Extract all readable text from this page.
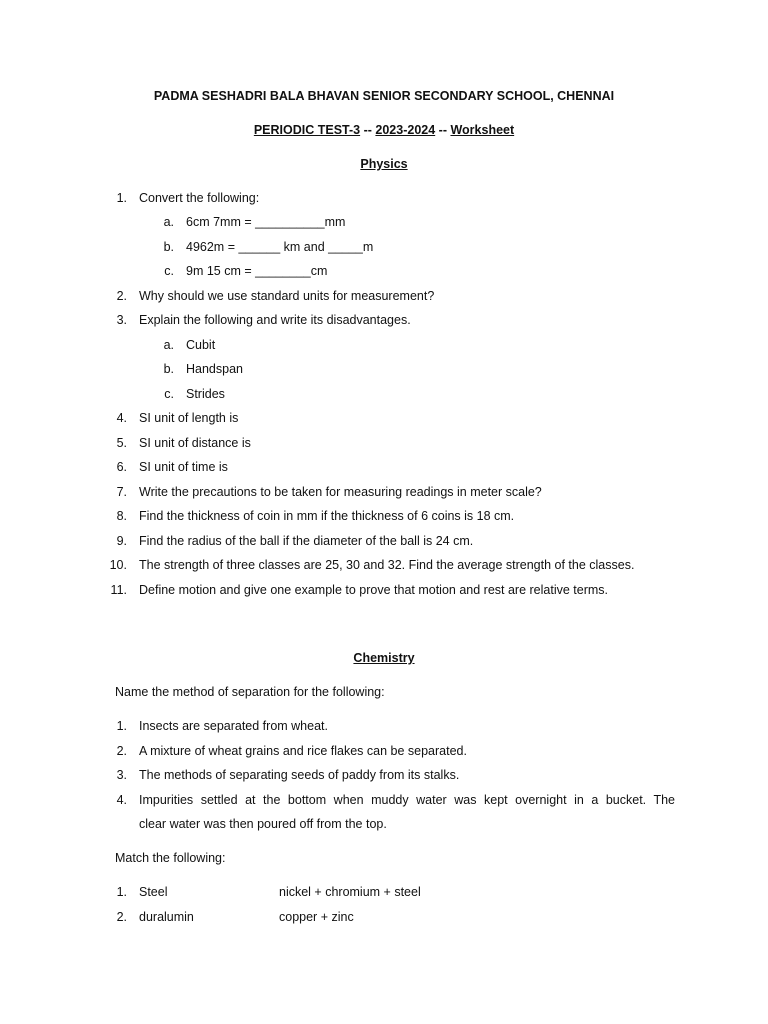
PADMA SESHADRI BALA BHAVAN SENIOR SECONDARY SCHOOL, CHENNAI
PERIODIC TEST-3 -- 2023-2024 -- Worksheet
Physics
1. Convert the following:
a. 6cm 7mm = __________mm
b. 4962m = ______ km and _____m
c. 9m 15 cm = ________cm
2. Why should we use standard units for measurement?
3. Explain the following and write its disadvantages.
a. Cubit
b. Handspan
c. Strides
4. SI unit of length is
5. SI unit of distance is
6. SI unit of time is
7. Write the precautions to be taken for measuring readings in meter scale?
8. Find the thickness of coin in mm if the thickness of 6 coins is 18 cm.
9. Find the radius of the ball if the diameter of the ball is 24 cm.
10. The strength of three classes are 25, 30 and 32. Find the average strength of the classes.
11. Define motion and give one example to prove that motion and rest are relative terms.
Chemistry
Name the method of separation for the following:
1. Insects are separated from wheat.
2. A mixture of wheat grains and rice flakes can be separated.
3. The methods of separating seeds of paddy from its stalks.
4. Impurities settled at the bottom when muddy water was kept overnight in a bucket. The
clear water was then poured off from the top.
Match the following:
1. Steel	nickel + chromium + steel
2. duralumin	copper + zinc
